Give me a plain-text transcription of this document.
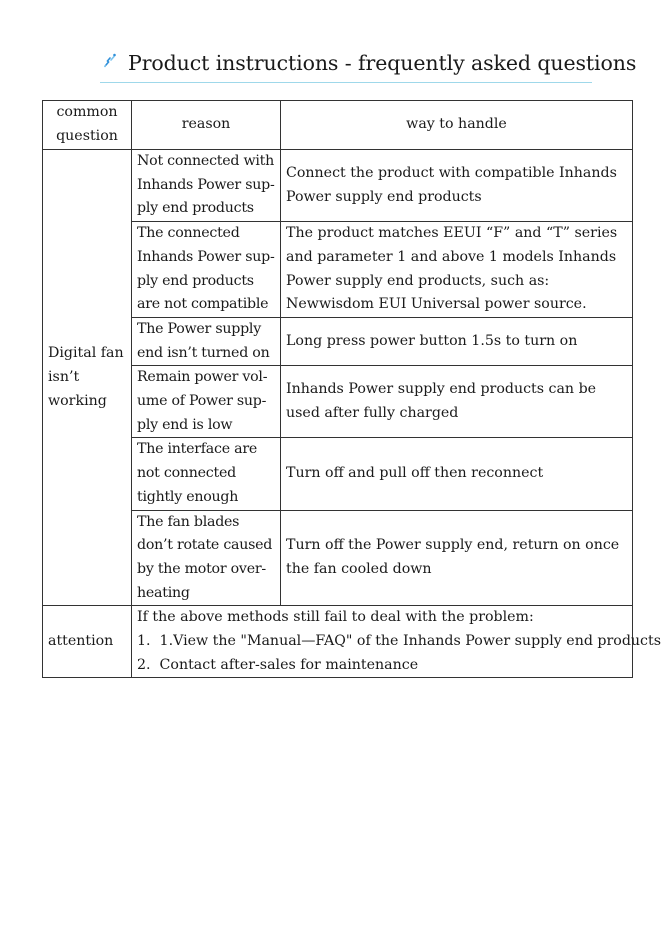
Product instructions - frequently asked questions
common question	reason	way to handle
Digital fan isn’t working	Not connected with Inhands Power sup-ply end products	Connect the product with compatible Inhands Power supply end products
	The connected Inhands Power sup-ply end products are not compatible	The product matches EEUI “F” and “T” series and parameter 1 and above 1 models Inhands Power supply end products, such as: Newwisdom EUI Universal power source.
	The Power supply end isn’t turned on	Long press power button 1.5s to turn on
	Remain power vol-ume of Power sup-ply end is low	Inhands Power supply end products can be used after fully charged
	The interface are not connected tightly enough	Turn off and pull off then reconnect
	The fan blades don’t rotate caused by the motor over-heating	Turn off the Power supply end, return on once the fan cooled down
attention	If the above methods still fail to deal with the problem:
1.  1.View the "Manual—FAQ" of the Inhands Power supply end products
2.  Contact after-sales for maintenance	
